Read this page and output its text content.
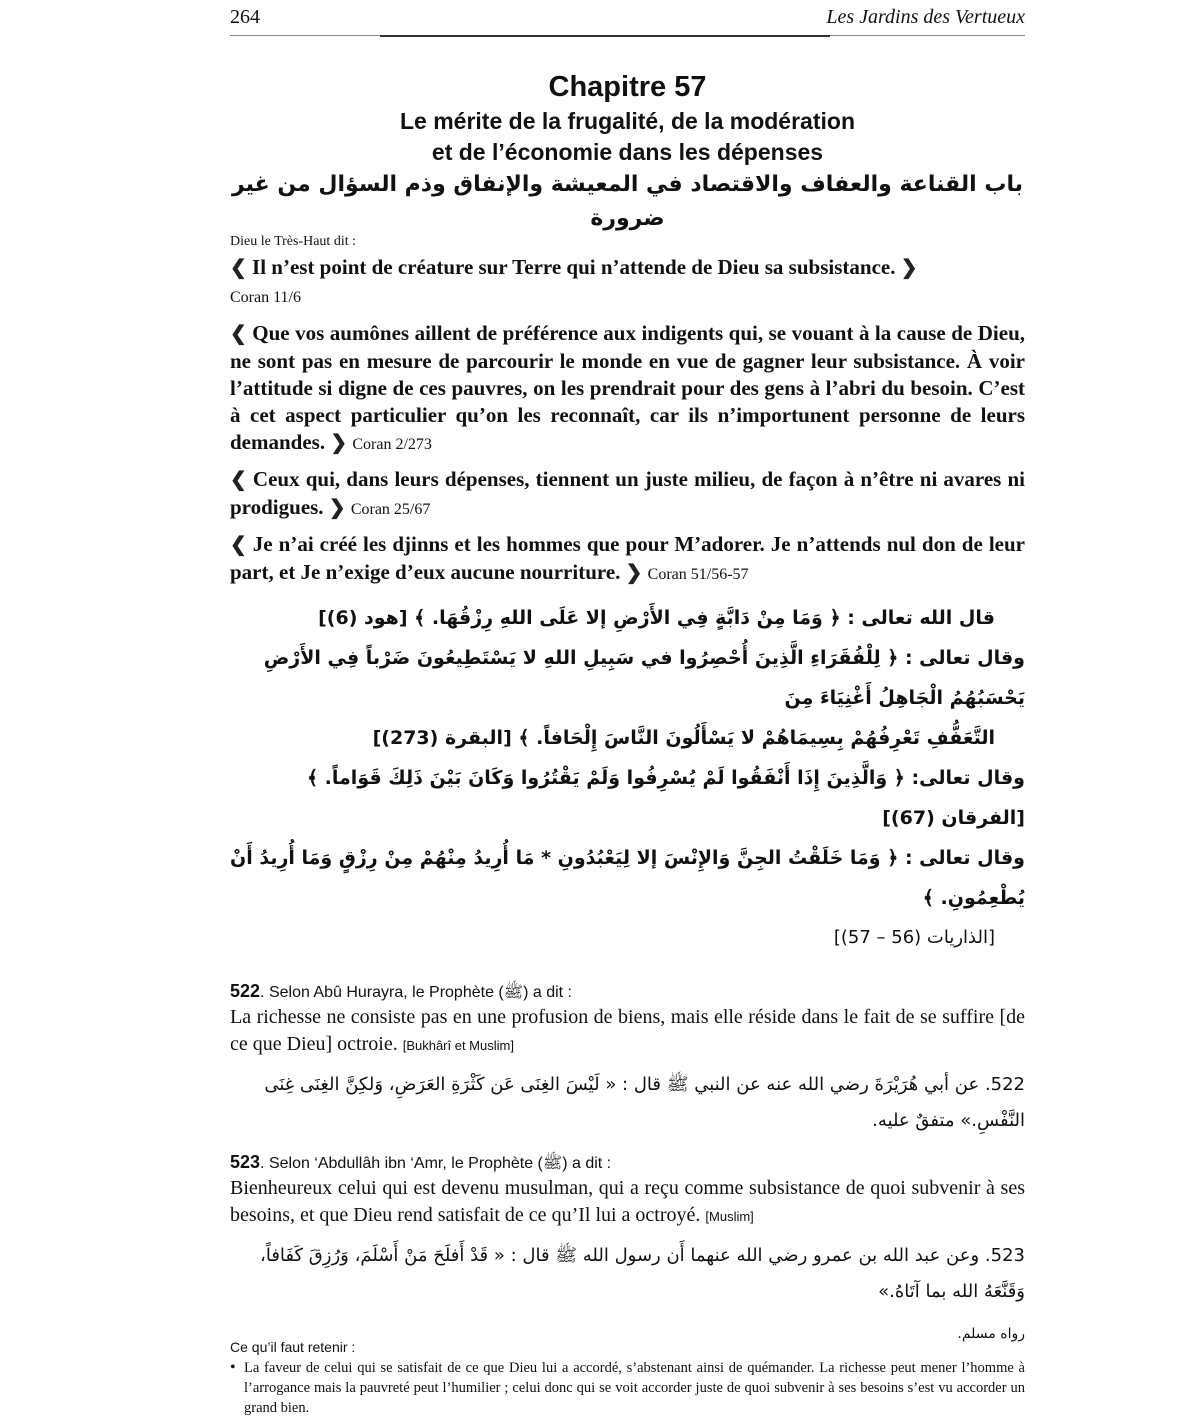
264	Les Jardins des Vertueux
Chapitre 57
Le mérite de la frugalité, de la modération
et de l’économie dans les dépenses
باب القناعة والعفاف والاقتصاد في المعيشة والإنفاق وذم السؤال من غير ضرورة
Dieu le Très-Haut dit :

❮ Il n’est point de créature sur Terre qui n’attende de Dieu sa subsistance. ❯
Coran 11/6

❮ Que vos aumônes aillent de préférence aux indigents qui, se vouant à la cause de Dieu, ne sont pas en mesure de parcourir le monde en vue de gagner leur subsistance. À voir l’attitude si digne de ces pauvres, on les prendrait pour des gens à l’abri du besoin. C’est à cet aspect particulier qu’on les reconnaît, car ils n’importunent personne de leurs demandes. ❯ Coran 2/273

❮ Ceux qui, dans leurs dépenses, tiennent un juste milieu, de façon à n’être ni avares ni prodigues. ❯ Coran 25/67

❮ Je n’ai créé les djinns et les hommes que pour M’adorer. Je n’attends nul don de leur part, et Je n’exige d’eux aucune nourriture. ❯ Coran 51/56-57

قال الله تعالى : ﴿ وَمَا مِنْ دَابَّةٍ فِي الأَرْضِ إلا عَلَى اللهِ رِزْقُهَا. ﴾ [هود (6)]
وقال تعالى : ﴿ لِلْفُقَرَاءِ الَّذِينَ أُحْصِرُوا في سَبِيلِ اللهِ لا يَسْتَطِيعُونَ ضَرْباً فِي الأَرْضِ يَحْسَبُهُمُ الْجَاهِلُ أَغْنِيَاءَ مِنَ
التَّعَفُّفِ تَعْرِفُهُمْ بِسِيمَاهُمْ لا يَسْأَلُونَ النَّاسَ إِلْحَافاً. ﴾ [البقرة (273)]
وقال تعالى: ﴿ وَالَّذِينَ إِذَا أَنْفَقُوا لَمْ يُسْرِفُوا وَلَمْ يَقْتُرُوا وَكَانَ بَيْنَ ذَلِكَ قَوَاماً. ﴾ [الفرقان (67)]
وقال تعالى : ﴿ وَمَا خَلَقْتُ الجِنَّ وَالإِنْسَ إلا لِيَعْبُدُونِ * مَا أُرِيدُ مِنْهُمْ مِنْ رِزْقٍ وَمَا أُرِيدُ أَنْ يُطْعِمُونِ. ﴾
[الذاريات (56 – 57)]
522. Selon Abû Hurayra, le Prophète (ﷺ) a dit :
La richesse ne consiste pas en une profusion de biens, mais elle réside dans le fait de se suffire [de ce que Dieu] octroie. [Bukhârî et Muslim]
522. عن أبي هُرَيْرَةَ رضي الله عنه عن النبي ﷺ قال : « لَيْسَ الغِنَى عَن كَثْرَةِ العَرَضِ، وَلكِنَّ الغِنَى غِنَى النَّفْسِ.» متفقٌ عليه.
523. Selon ‘Abdullâh ibn ‘Amr, le Prophète (ﷺ) a dit :
Bienheureux celui qui est devenu musulman, qui a reçu comme subsistance de quoi subvenir à ses besoins, et que Dieu rend satisfait de ce qu’Il lui a octroyé. [Muslim]
523. وعن عبد الله بن عمرو رضي الله عنهما أَن رسول الله ﷺ قال : « قَدْ أَفلَحَ مَنْ أَسْلَمَ، وَرُزِقَ كَفَافاً، وَقَنَّعَهُ الله بما آتَاهُ.»
رواه مسلم.
Ce qu’il faut retenir :
• La faveur de celui qui se satisfait de ce que Dieu lui a accordé, s’abstenant ainsi de quémander. La richesse peut mener l’homme à l’arrogance mais la pauvreté peut l’humilier ; celui donc qui se voit accorder juste de quoi subvenir à ses besoins s’est vu accorder un grand bien.
